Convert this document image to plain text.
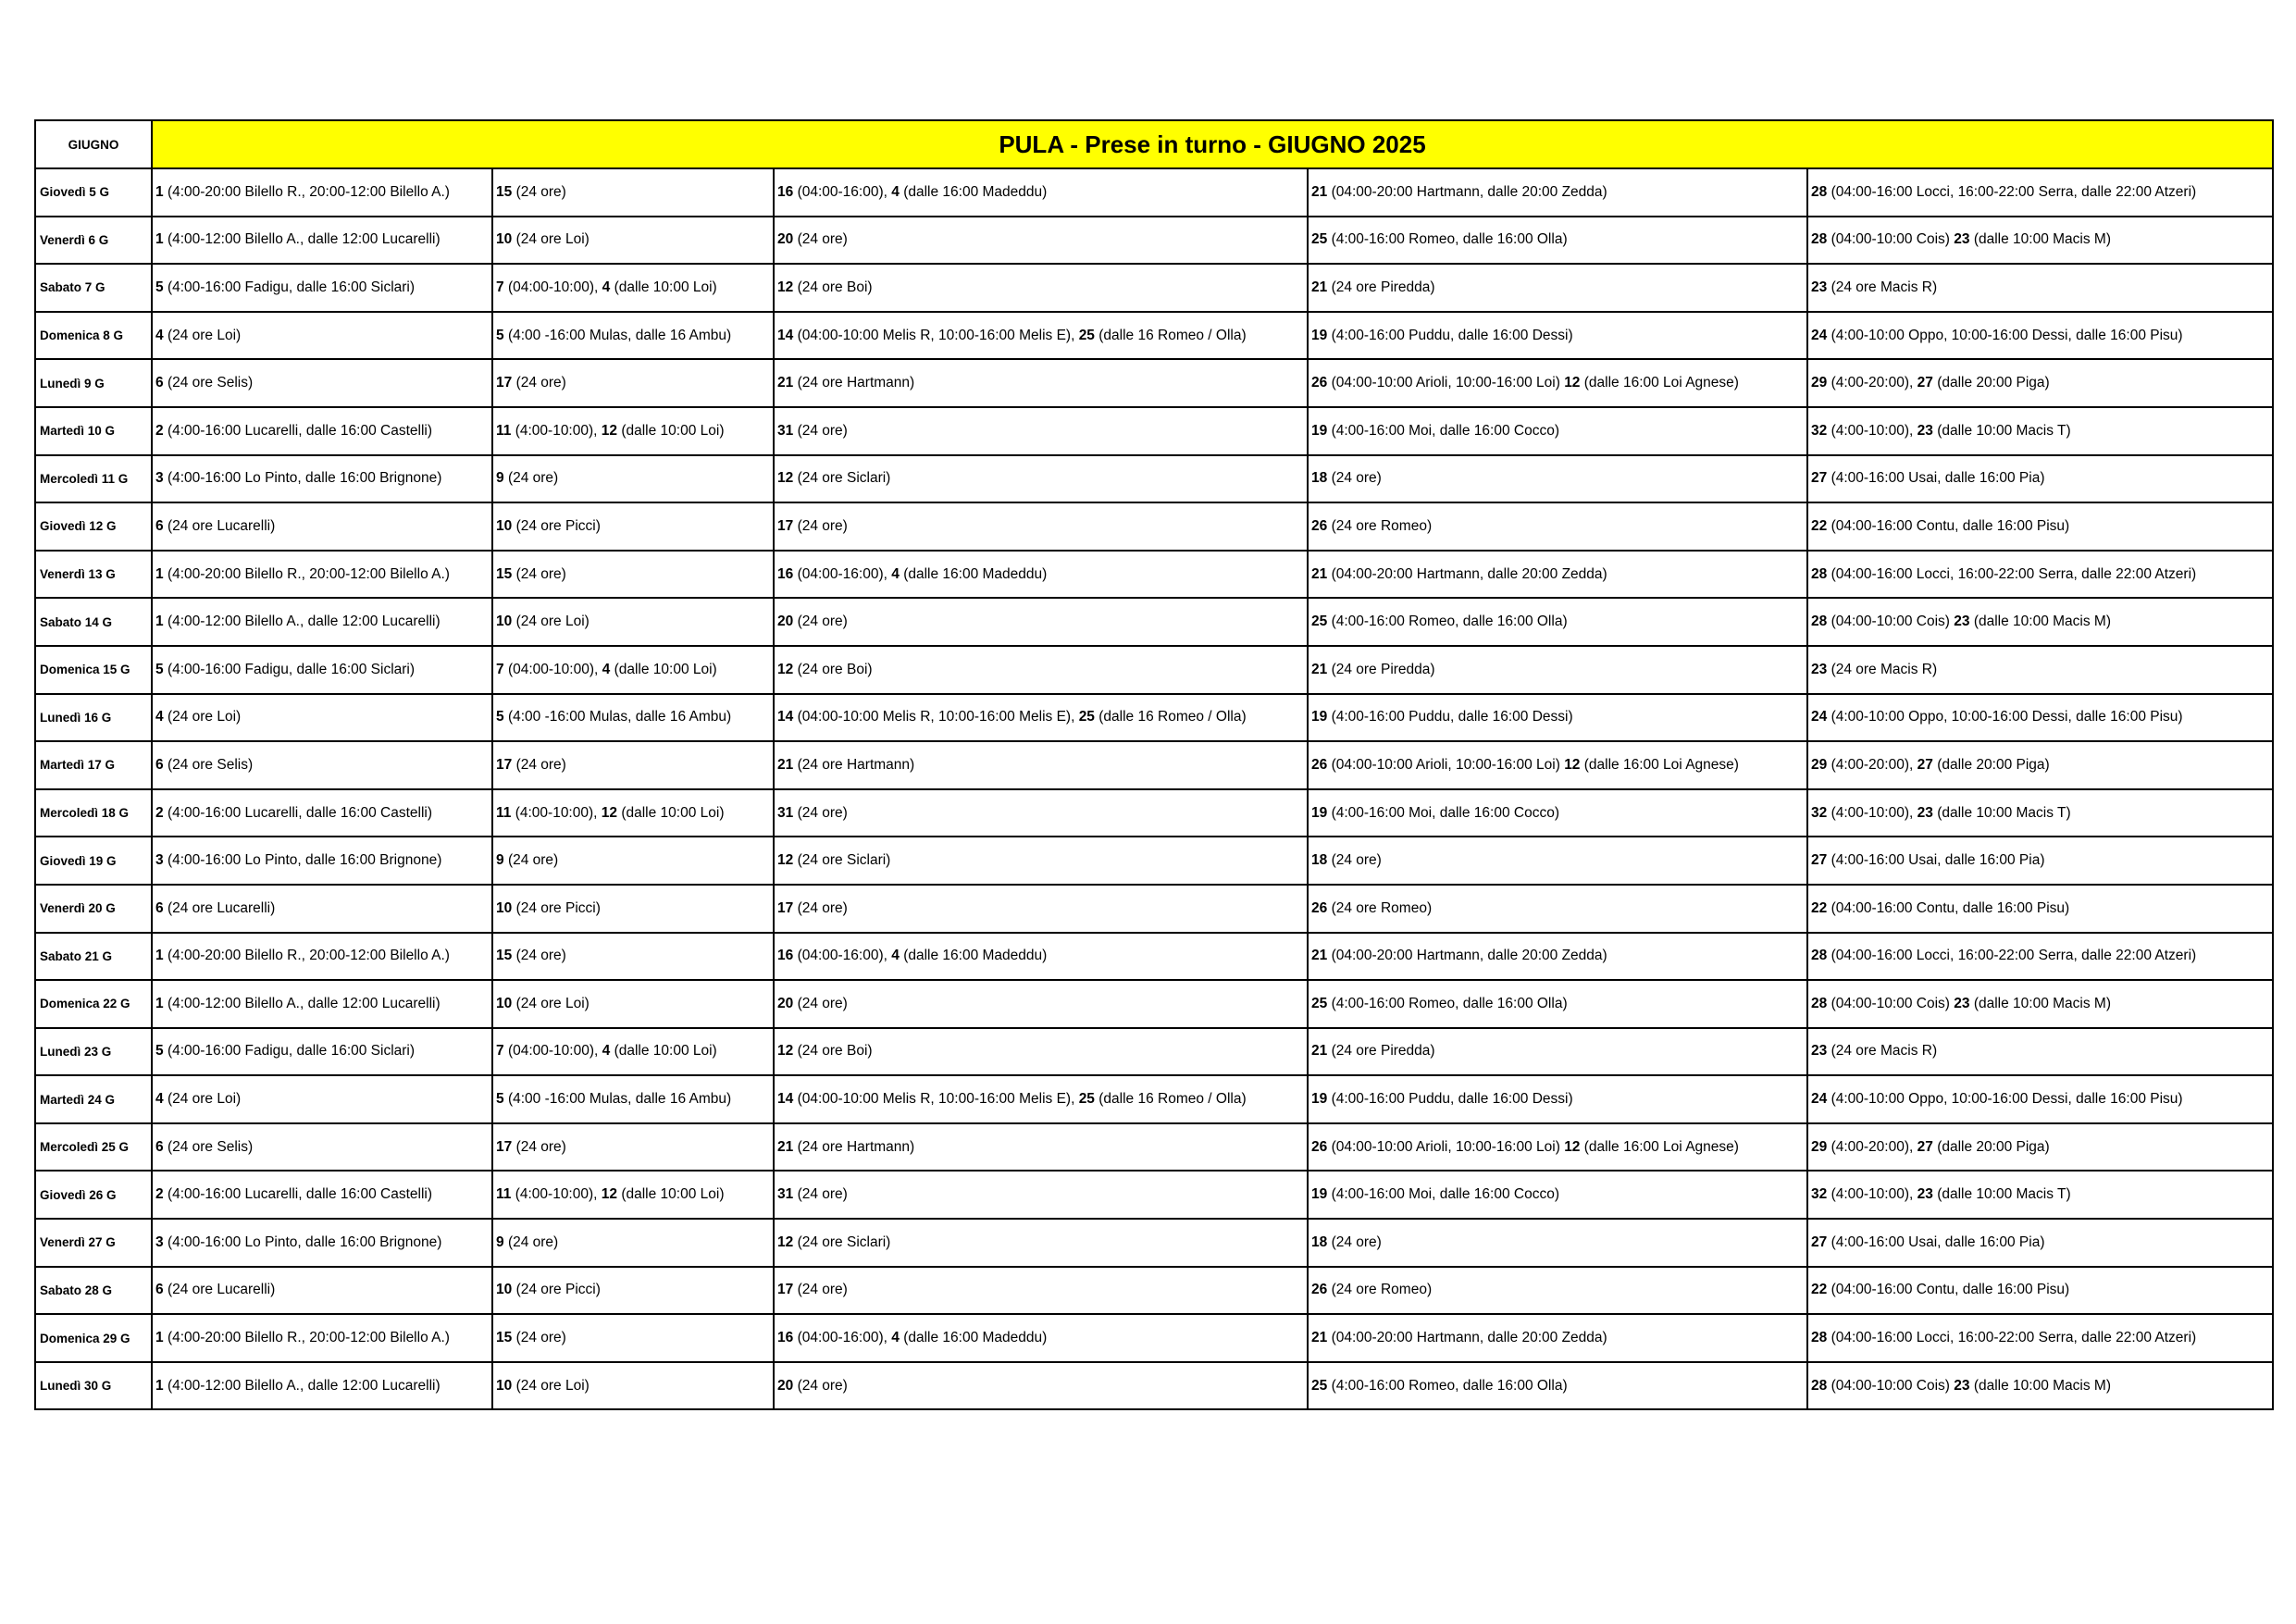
GIUGNO	PULA - Prese in turno - GIUGNO 2025				
Giovedì 5 G	1 (4:00-20:00 Bilello R., 20:00-12:00 Bilello A.)	15 (24 ore)	16 (04:00-16:00), 4 (dalle 16:00 Madeddu)	21 (04:00-20:00 Hartmann, dalle 20:00 Zedda)	28 (04:00-16:00 Locci, 16:00-22:00 Serra, dalle 22:00 Atzeri)
Venerdì 6 G	1 (4:00-12:00 Bilello A., dalle 12:00 Lucarelli)	10 (24 ore Loi)	20 (24 ore)	25 (4:00-16:00 Romeo, dalle 16:00 Olla)	28 (04:00-10:00 Cois) 23 (dalle 10:00 Macis M)
Sabato 7 G	5 (4:00-16:00 Fadigu, dalle 16:00 Siclari)	7 (04:00-10:00), 4 (dalle 10:00 Loi)	12 (24 ore Boi)	21 (24 ore Piredda)	23 (24 ore Macis R)
Domenica 8 G	4 (24 ore Loi)	5 (4:00 -16:00 Mulas, dalle 16 Ambu)	14 (04:00-10:00 Melis R, 10:00-16:00 Melis E), 25 (dalle 16 Romeo / Olla)	19 (4:00-16:00 Puddu, dalle 16:00 Dessi)	24 (4:00-10:00 Oppo, 10:00-16:00 Dessi, dalle 16:00 Pisu)
Lunedì 9 G	6 (24 ore Selis)	17 (24 ore)	21 (24 ore Hartmann)	26 (04:00-10:00 Arioli, 10:00-16:00 Loi) 12 (dalle 16:00 Loi Agnese)	29 (4:00-20:00), 27 (dalle 20:00 Piga)
Martedì 10 G	2 (4:00-16:00 Lucarelli, dalle 16:00 Castelli)	11 (4:00-10:00), 12 (dalle 10:00 Loi)	31 (24 ore)	19 (4:00-16:00 Moi, dalle 16:00 Cocco)	32 (4:00-10:00), 23 (dalle 10:00 Macis T)
Mercoledì 11 G	3 (4:00-16:00 Lo Pinto, dalle 16:00 Brignone)	9 (24 ore)	12 (24 ore Siclari)	18 (24 ore)	27 (4:00-16:00 Usai, dalle 16:00 Pia)
Giovedì 12 G	6 (24 ore Lucarelli)	10 (24 ore Picci)	17 (24 ore)	26 (24 ore Romeo)	22 (04:00-16:00 Contu, dalle 16:00 Pisu)
Venerdì 13 G	1 (4:00-20:00 Bilello R., 20:00-12:00 Bilello A.)	15 (24 ore)	16 (04:00-16:00), 4 (dalle 16:00 Madeddu)	21 (04:00-20:00 Hartmann, dalle 20:00 Zedda)	28 (04:00-16:00 Locci, 16:00-22:00 Serra, dalle 22:00 Atzeri)
Sabato 14 G	1 (4:00-12:00 Bilello A., dalle 12:00 Lucarelli)	10 (24 ore Loi)	20 (24 ore)	25 (4:00-16:00 Romeo, dalle 16:00 Olla)	28 (04:00-10:00 Cois) 23 (dalle 10:00 Macis M)
Domenica 15 G	5 (4:00-16:00 Fadigu, dalle 16:00 Siclari)	7 (04:00-10:00), 4 (dalle 10:00 Loi)	12 (24 ore Boi)	21 (24 ore Piredda)	23 (24 ore Macis R)
Lunedì 16 G	4 (24 ore Loi)	5 (4:00 -16:00 Mulas, dalle 16 Ambu)	14 (04:00-10:00 Melis R, 10:00-16:00 Melis E), 25 (dalle 16 Romeo / Olla)	19 (4:00-16:00 Puddu, dalle 16:00 Dessi)	24 (4:00-10:00 Oppo, 10:00-16:00 Dessi, dalle 16:00 Pisu)
Martedì 17 G	6 (24 ore Selis)	17 (24 ore)	21 (24 ore Hartmann)	26 (04:00-10:00 Arioli, 10:00-16:00 Loi) 12 (dalle 16:00 Loi Agnese)	29 (4:00-20:00), 27 (dalle 20:00 Piga)
Mercoledì 18 G	2 (4:00-16:00 Lucarelli, dalle 16:00 Castelli)	11 (4:00-10:00), 12 (dalle 10:00 Loi)	31 (24 ore)	19 (4:00-16:00 Moi, dalle 16:00 Cocco)	32 (4:00-10:00), 23 (dalle 10:00 Macis T)
Giovedì 19 G	3 (4:00-16:00 Lo Pinto, dalle 16:00 Brignone)	9 (24 ore)	12 (24 ore Siclari)	18 (24 ore)	27 (4:00-16:00 Usai, dalle 16:00 Pia)
Venerdì 20 G	6 (24 ore Lucarelli)	10 (24 ore Picci)	17 (24 ore)	26 (24 ore Romeo)	22 (04:00-16:00 Contu, dalle 16:00 Pisu)
Sabato 21 G	1 (4:00-20:00 Bilello R., 20:00-12:00 Bilello A.)	15 (24 ore)	16 (04:00-16:00), 4 (dalle 16:00 Madeddu)	21 (04:00-20:00 Hartmann, dalle 20:00 Zedda)	28 (04:00-16:00 Locci, 16:00-22:00 Serra, dalle 22:00 Atzeri)
Domenica 22 G	1 (4:00-12:00 Bilello A., dalle 12:00 Lucarelli)	10 (24 ore Loi)	20 (24 ore)	25 (4:00-16:00 Romeo, dalle 16:00 Olla)	28 (04:00-10:00 Cois) 23 (dalle 10:00 Macis M)
Lunedì 23 G	5 (4:00-16:00 Fadigu, dalle 16:00 Siclari)	7 (04:00-10:00), 4 (dalle 10:00 Loi)	12 (24 ore Boi)	21 (24 ore Piredda)	23 (24 ore Macis R)
Martedì 24 G	4 (24 ore Loi)	5 (4:00 -16:00 Mulas, dalle 16 Ambu)	14 (04:00-10:00 Melis R, 10:00-16:00 Melis E), 25 (dalle 16 Romeo / Olla)	19 (4:00-16:00 Puddu, dalle 16:00 Dessi)	24 (4:00-10:00 Oppo, 10:00-16:00 Dessi, dalle 16:00 Pisu)
Mercoledì 25 G	6 (24 ore Selis)	17 (24 ore)	21 (24 ore Hartmann)	26 (04:00-10:00 Arioli, 10:00-16:00 Loi) 12 (dalle 16:00 Loi Agnese)	29 (4:00-20:00), 27 (dalle 20:00 Piga)
Giovedì 26 G	2 (4:00-16:00 Lucarelli, dalle 16:00 Castelli)	11 (4:00-10:00), 12 (dalle 10:00 Loi)	31 (24 ore)	19 (4:00-16:00 Moi, dalle 16:00 Cocco)	32 (4:00-10:00), 23 (dalle 10:00 Macis T)
Venerdì 27 G	3 (4:00-16:00 Lo Pinto, dalle 16:00 Brignone)	9 (24 ore)	12 (24 ore Siclari)	18 (24 ore)	27 (4:00-16:00 Usai, dalle 16:00 Pia)
Sabato 28 G	6 (24 ore Lucarelli)	10 (24 ore Picci)	17 (24 ore)	26 (24 ore Romeo)	22 (04:00-16:00 Contu, dalle 16:00 Pisu)
Domenica 29 G	1 (4:00-20:00 Bilello R., 20:00-12:00 Bilello A.)	15 (24 ore)	16 (04:00-16:00), 4 (dalle 16:00 Madeddu)	21 (04:00-20:00 Hartmann, dalle 20:00 Zedda)	28 (04:00-16:00 Locci, 16:00-22:00 Serra, dalle 22:00 Atzeri)
Lunedì 30 G	1 (4:00-12:00 Bilello A., dalle 12:00 Lucarelli)	10 (24 ore Loi)	20 (24 ore)	25 (4:00-16:00 Romeo, dalle 16:00 Olla)	28 (04:00-10:00 Cois) 23 (dalle 10:00 Macis M)
